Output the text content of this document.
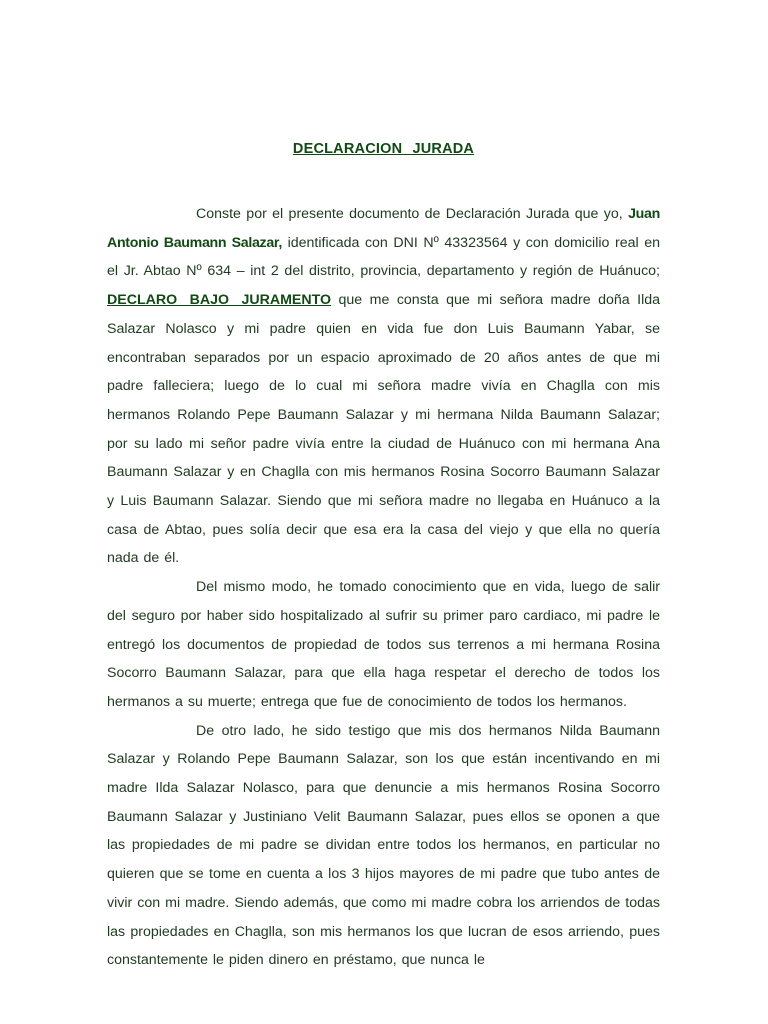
DECLARACION JURADA

Conste por el presente documento de Declaración Jurada que yo, Juan Antonio Baumann Salazar, identificada con DNI Nº 43323564 y con domicilio real en el Jr. Abtao Nº 634 – int 2 del distrito, provincia, departamento y región de Huánuco; DECLARO BAJO JURAMENTO que me consta que mi señora madre doña Ilda Salazar Nolasco y mi padre quien en vida fue don Luis Baumann Yabar, se encontraban separados por un espacio aproximado de 20 años antes de que mi padre falleciera; luego de lo cual mi señora madre vivía en Chaglla con mis hermanos Rolando Pepe Baumann Salazar y mi hermana Nilda Baumann Salazar; por su lado mi señor padre vivía entre la ciudad de Huánuco con mi hermana Ana Baumann Salazar y en Chaglla con mis hermanos Rosina Socorro Baumann Salazar y Luis Baumann Salazar. Siendo que mi señora madre no llegaba en Huánuco a la casa de Abtao, pues solía decir que esa era la casa del viejo y que ella no quería nada de él.

Del mismo modo, he tomado conocimiento que en vida, luego de salir del seguro por haber sido hospitalizado al sufrir su primer paro cardiaco, mi padre le entregó los documentos de propiedad de todos sus terrenos a mi hermana Rosina Socorro Baumann Salazar, para que ella haga respetar el derecho de todos los hermanos a su muerte; entrega que fue de conocimiento de todos los hermanos.

De otro lado, he sido testigo que mis dos hermanos Nilda Baumann Salazar y Rolando Pepe Baumann Salazar, son los que están incentivando en mi madre Ilda Salazar Nolasco, para que denuncie a mis hermanos Rosina Socorro Baumann Salazar y Justiniano Velit Baumann Salazar, pues ellos se oponen a que las propiedades de mi padre se dividan entre todos los hermanos, en particular no quieren que se tome en cuenta a los 3 hijos mayores de mi padre que tubo antes de vivir con mi madre. Siendo además, que como mi madre cobra los arriendos de todas las propiedades en Chaglla, son mis hermanos los que lucran de esos arriendo, pues constantemente le piden dinero en préstamo, que nunca le
